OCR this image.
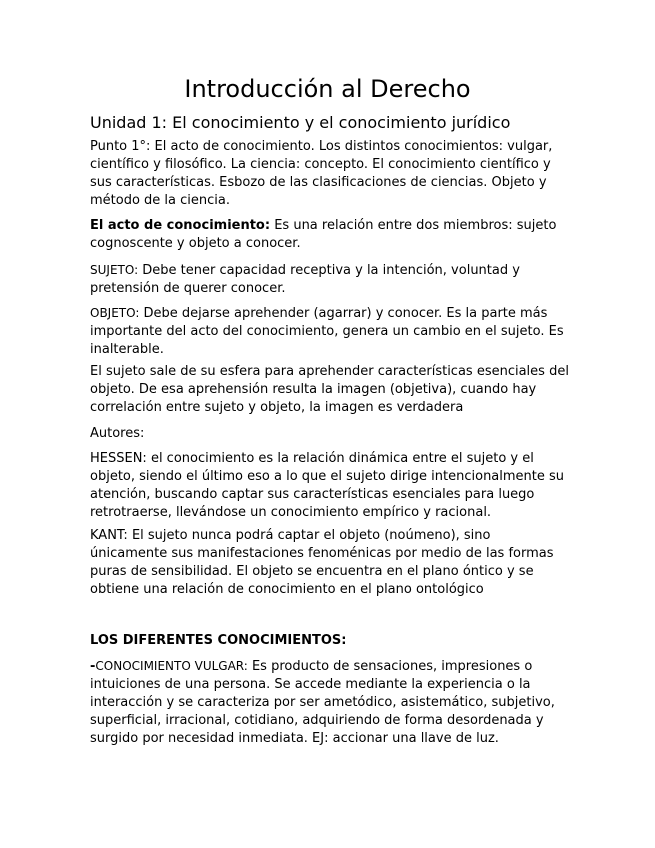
Introducción al Derecho
Unidad 1: El conocimiento y el conocimiento jurídico

Punto 1°: El acto de conocimiento. Los distintos conocimientos: vulgar, científico y filosófico. La ciencia: concepto. El conocimiento científico y sus características. Esbozo de las clasificaciones de ciencias. Objeto y método de la ciencia.

El acto de conocimiento: Es una relación entre dos miembros: sujeto cognoscente y objeto a conocer.

SUJETO: Debe tener capacidad receptiva y la intención, voluntad y pretensión de querer conocer.

OBJETO: Debe dejarse aprehender (agarrar) y conocer. Es la parte más importante del acto del conocimiento, genera un cambio en el sujeto. Es inalterable.

El sujeto sale de su esfera para aprehender características esenciales del objeto. De esa aprehensión resulta la imagen (objetiva), cuando hay correlación entre sujeto y objeto, la imagen es verdadera

Autores:

HESSEN: el conocimiento es la relación dinámica entre el sujeto y el objeto, siendo el último eso a lo que el sujeto dirige intencionalmente su atención, buscando captar sus características esenciales para luego retrotraerse, llevándose un conocimiento empírico y racional.

KANT: El sujeto nunca podrá captar el objeto (noúmeno), sino únicamente sus manifestaciones fenoménicas por medio de las formas puras de sensibilidad. El objeto se encuentra en el plano óntico y se obtiene una relación de conocimiento en el plano ontológico

LOS DIFERENTES CONOCIMIENTOS:

-CONOCIMIENTO VULGAR: Es producto de sensaciones, impresiones o intuiciones de una persona. Se accede mediante la experiencia o la interacción y se caracteriza por ser ametódico, asistemático, subjetivo, superficial, irracional, cotidiano, adquiriendo de forma desordenada y surgido por necesidad inmediata. EJ: accionar una llave de luz.
